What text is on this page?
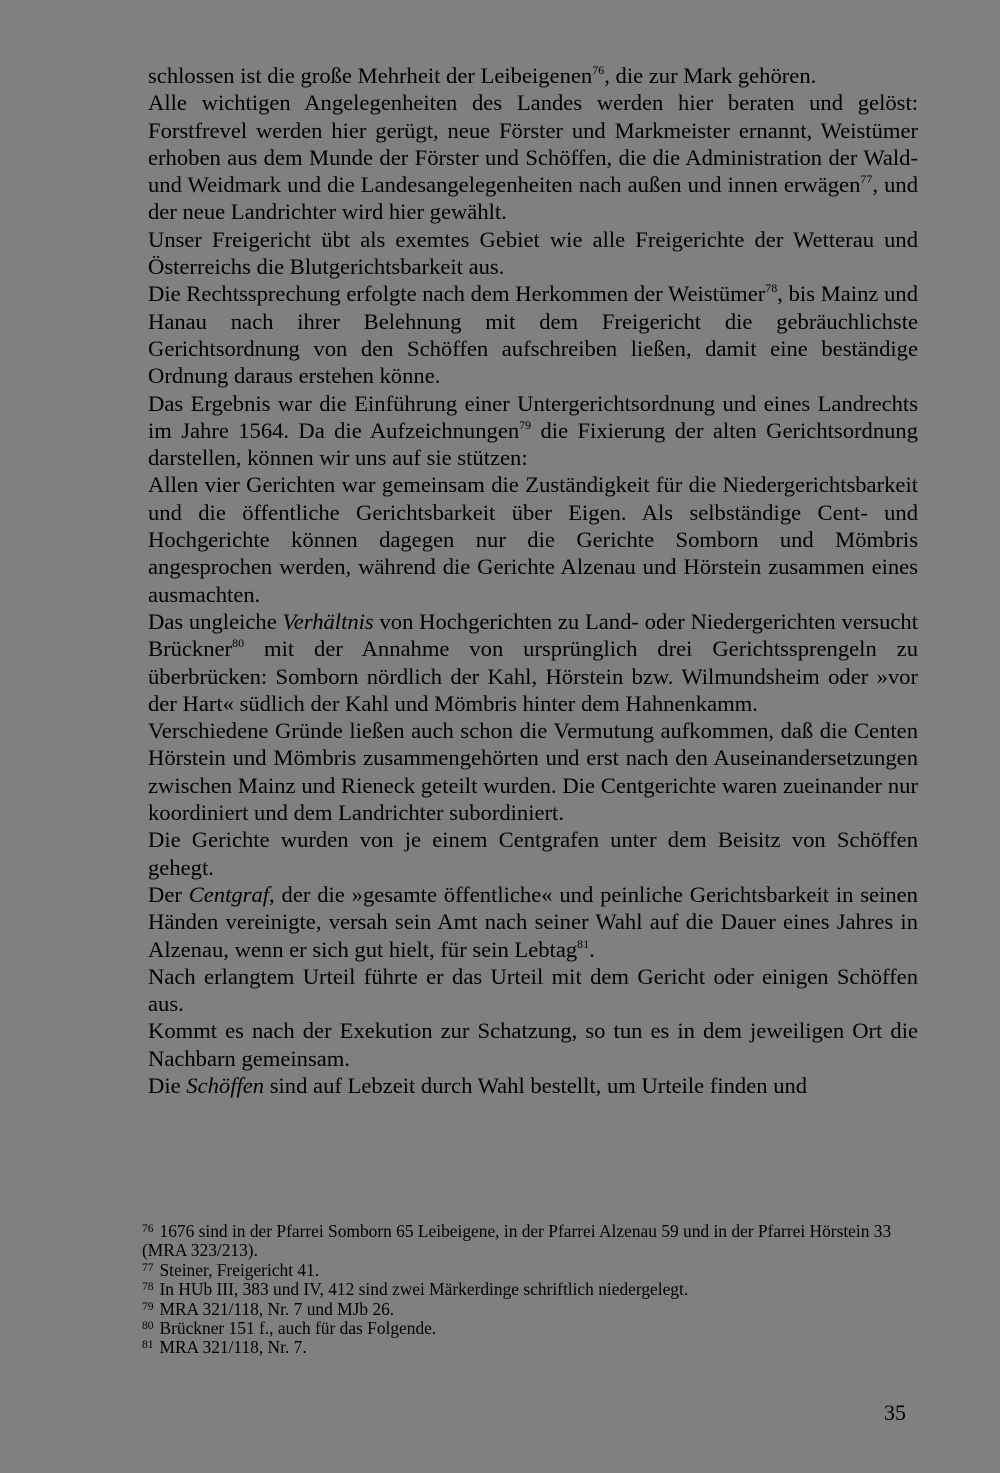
schlossen ist die große Mehrheit der Leibeigenen$^{76}$, die zur Mark gehören.

Alle wichtigen Angelegenheiten des Landes werden hier beraten und gelöst: Forstfrevel werden hier gerügt, neue Förster und Markmeister ernannt, Weistümer erhoben aus dem Munde der Förster und Schöffen, die die Administration der Wald- und Weidmark und die Landesangelegenheiten nach außen und innen erwägen$^{77}$, und der neue Landrichter wird hier gewählt.

Unser Freigericht übt als exemtes Gebiet wie alle Freigerichte der Wetterau und Österreichs die Blutgerichtsbarkeit aus.

Die Rechtssprechung erfolgte nach dem Herkommen der Weistümer$^{78}$, bis Mainz und Hanau nach ihrer Belehnung mit dem Freigericht die gebräuchlichste Gerichtsordnung von den Schöffen aufschreiben ließen, damit eine beständige Ordnung daraus erstehen könne.

Das Ergebnis war die Einführung einer Untergerichtsordnung und eines Landrechts im Jahre 1564. Da die Aufzeichnungen$^{79}$ die Fixierung der alten Gerichtsordnung darstellen, können wir uns auf sie stützen:

Allen vier Gerichten war gemeinsam die Zuständigkeit für die Niedergerichtsbarkeit und die öffentliche Gerichtsbarkeit über Eigen. Als selbständige Cent- und Hochgerichte können dagegen nur die Gerichte Somborn und Mömbris angesprochen werden, während die Gerichte Alzenau und Hörstein zusammen eines ausmachten.

Das ungleiche Verhältnis von Hochgerichten zu Land- oder Niedergerichten versucht Brückner$^{80}$ mit der Annahme von ursprünglich drei Gerichtssprengeln zu überbrücken: Somborn nördlich der Kahl, Hörstein bzw. Wilmundsheim oder »vor der Hart« südlich der Kahl und Mömbris hinter dem Hahnenkamm.

Verschiedene Gründe ließen auch schon die Vermutung aufkommen, daß die Centen Hörstein und Mömbris zusammengehörten und erst nach den Auseinandersetzungen zwischen Mainz und Rieneck geteilt wurden. Die Centgerichte waren zueinander nur koordiniert und dem Landrichter subordiniert.

Die Gerichte wurden von je einem Centgrafen unter dem Beisitz von Schöffen gehegt.

Der Centgraf, der die »gesamte öffentliche« und peinliche Gerichtsbarkeit in seinen Händen vereinigte, versah sein Amt nach seiner Wahl auf die Dauer eines Jahres in Alzenau, wenn er sich gut hielt, für sein Lebtag$^{81}$.

Nach erlangtem Urteil führte er das Urteil mit dem Gericht oder einigen Schöffen aus.

Kommt es nach der Exekution zur Schatzung, so tun es in dem jeweiligen Ort die Nachbarn gemeinsam.

Die Schöffen sind auf Lebzeit durch Wahl bestellt, um Urteile finden und

$^{76}$ 1676 sind in der Pfarrei Somborn 65 Leibeigene, in der Pfarrei Alzenau 59 und in der Pfarrei Hörstein 33 (MRA 323/213).

$^{77}$ Steiner, Freigericht 41.

$^{78}$ In HUb III, 383 und IV, 412 sind zwei Märkerdinge schriftlich niedergelegt.

$^{79}$ MRA 321/118, Nr. 7 und MJb 26.

$^{80}$ Brückner 151 f., auch für das Folgende.

$^{81}$ MRA 321/118, Nr. 7.

35
